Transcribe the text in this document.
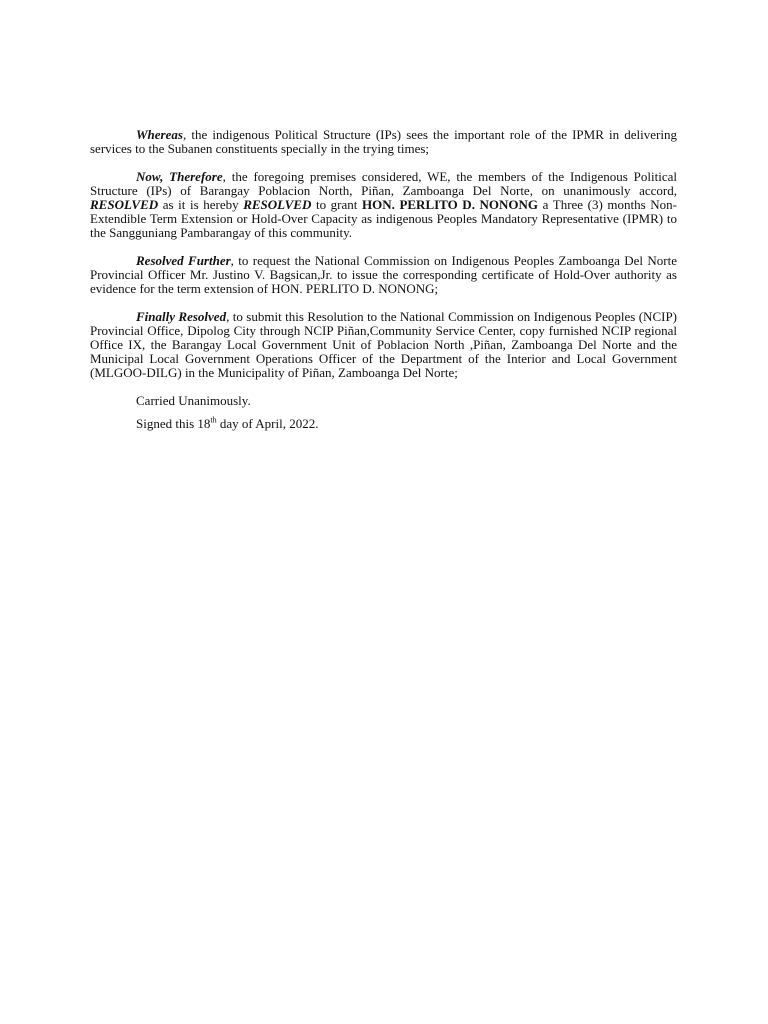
Whereas, the indigenous Political Structure (IPs) sees the important role of the IPMR in delivering services to the Subanen constituents specially in the trying times;

Now, Therefore, the foregoing premises considered, WE, the members of the Indigenous Political Structure (IPs) of Barangay Poblacion North, Piñan, Zamboanga Del Norte, on unanimously accord, RESOLVED as it is hereby RESOLVED to grant HON. PERLITO D. NONONG a Three (3) months Non-Extendible Term Extension or Hold-Over Capacity as indigenous Peoples Mandatory Representative (IPMR) to the Sangguniang Pambarangay of this community.

Resolved Further, to request the National Commission on Indigenous Peoples Zamboanga Del Norte Provincial Officer Mr. Justino V. Bagsican,Jr. to issue the corresponding certificate of Hold-Over authority as evidence for the term extension of HON. PERLITO D. NONONG;

Finally Resolved, to submit this Resolution to the National Commission on Indigenous Peoples (NCIP) Provincial Office, Dipolog City through NCIP Piñan,Community Service Center, copy furnished NCIP regional Office IX, the Barangay Local Government Unit of Poblacion North ,Piñan, Zamboanga Del Norte and the Municipal Local Government Operations Officer of the Department of the Interior and Local Government (MLGOO-DILG) in the Municipality of Piñan, Zamboanga Del Norte;

Carried Unanimously.

Signed this 18th day of April, 2022.
